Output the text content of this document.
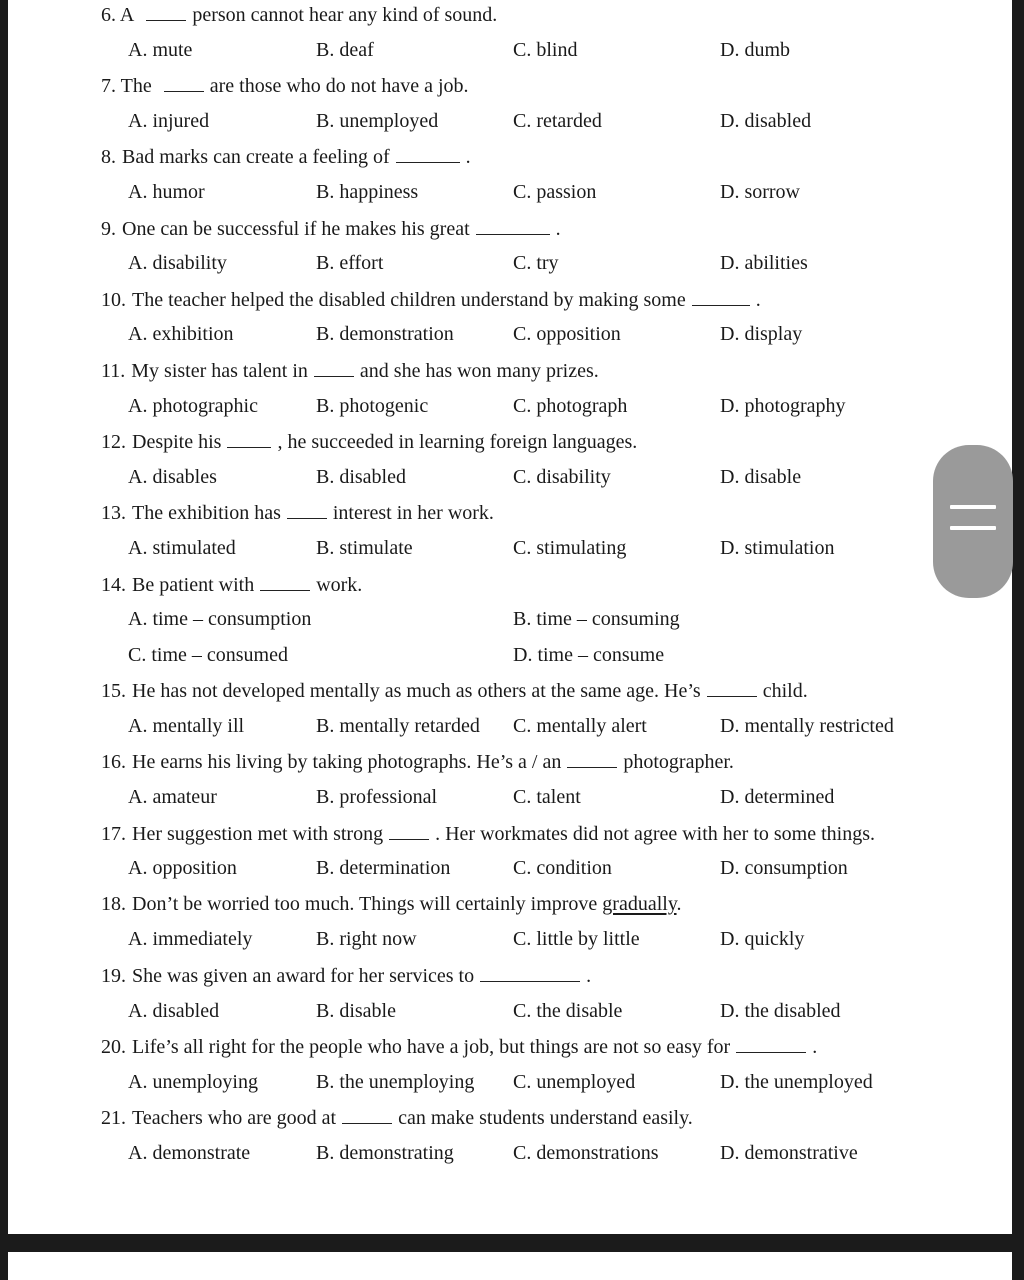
6. A	person cannot hear any kind of sound.
A. mute	B. deaf	C. blind	D. dumb
7. The	are those who do not have a job.
A. injured	B. unemployed	C. retarded	D. disabled
8. Bad marks can create a feeling of	.
A. humor	B. happiness	C. passion	D. sorrow
9. One can be successful if he makes his great	.
A. disability	B. effort	C. try	D. abilities
10. The teacher helped the disabled children understand by making some	.
A. exhibition	B. demonstration	C. opposition	D. display
11. My sister has talent in	and she has won many prizes.
A. photographic	B. photogenic	C. photograph	D. photography
12. Despite his	, he succeeded in learning foreign languages.
A. disables	B. disabled	C. disability	D. disable
13. The exhibition has	interest in her work.
A. stimulated	B. stimulate	C. stimulating	D. stimulation
14. Be patient with	work.
A. time – consumption	B. time – consuming
C. time – consumed	D. time – consume
15. He has not developed mentally as much as others at the same age. He’s	child.
A. mentally ill	B. mentally retarded C. mentally alert	D. mentally restricted
16. He earns his living by taking photographs. He’s a / an	photographer.
A. amateur	B. professional	C. talent	D. determined
17. Her suggestion met with strong	. Her workmates did not agree with her to some things.
A. opposition	B. determination	C. condition	D. consumption
18. Don’t be worried too much. Things will certainly improve gradually.
A. immediately	B. right now	C. little by little	D. quickly
19. She was given an award for her services to	.
A. disabled	B. disable	C. the disable	D. the disabled
20. Life’s all right for the people who have a job, but things are not so easy for	.
A. unemploying	B. the unemploying C. unemployed	D. the unemployed
21. Teachers who are good at	can make students understand easily.
A. demonstrate	B. demonstrating	C. demonstrations	D. demonstrative
